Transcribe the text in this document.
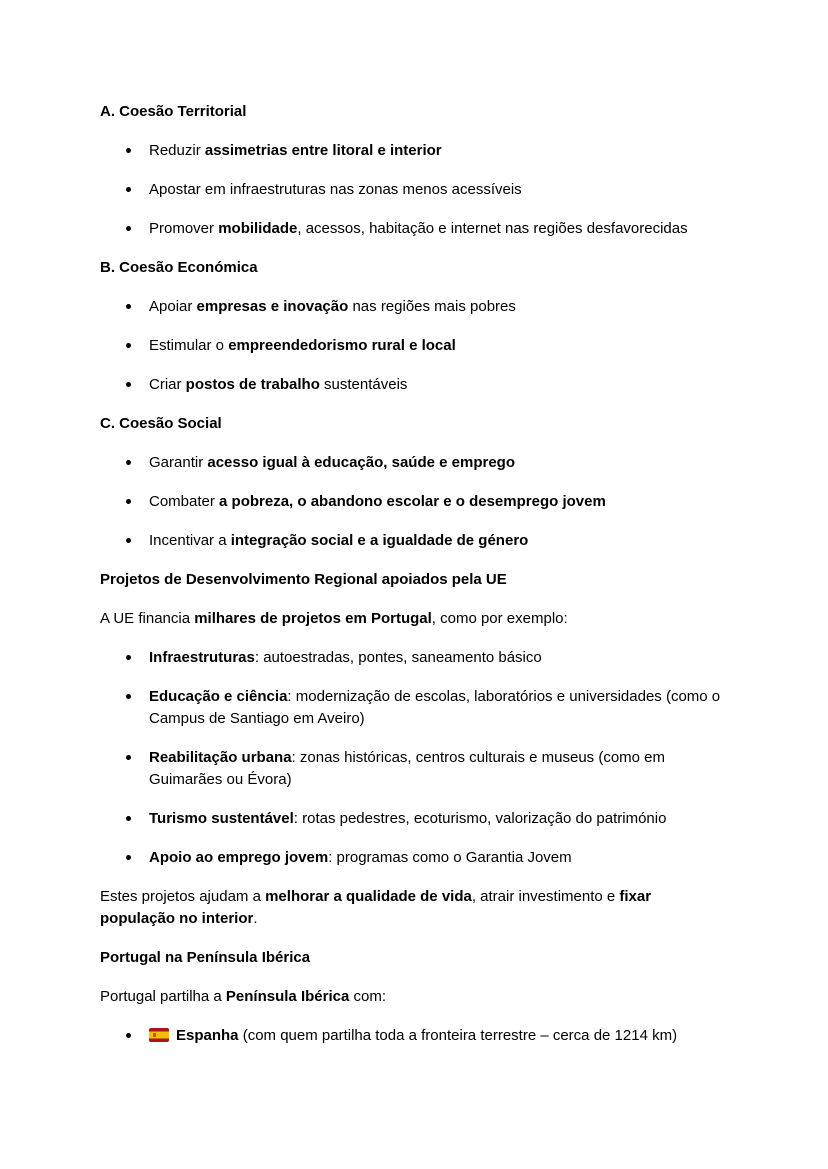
A. Coesão Territorial

Reduzir assimetrias entre litoral e interior
Apostar em infraestruturas nas zonas menos acessíveis
Promover mobilidade, acessos, habitação e internet nas regiões desfavorecidas

B. Coesão Económica

Apoiar empresas e inovação nas regiões mais pobres
Estimular o empreendedorismo rural e local
Criar postos de trabalho sustentáveis

C. Coesão Social

Garantir acesso igual à educação, saúde e emprego
Combater a pobreza, o abandono escolar e o desemprego jovem
Incentivar a integração social e a igualdade de género

Projetos de Desenvolvimento Regional apoiados pela UE

A UE financia milhares de projetos em Portugal, como por exemplo:

Infraestruturas: autoestradas, pontes, saneamento básico
Educação e ciência: modernização de escolas, laboratórios e universidades (como o Campus de Santiago em Aveiro)
Reabilitação urbana: zonas históricas, centros culturais e museus (como em Guimarães ou Évora)
Turismo sustentável: rotas pedestres, ecoturismo, valorização do património
Apoio ao emprego jovem: programas como o Garantia Jovem

Estes projetos ajudam a melhorar a qualidade de vida, atrair investimento e fixar população no interior.

Portugal na Península Ibérica

Portugal partilha a Península Ibérica com:

Espanha (com quem partilha toda a fronteira terrestre – cerca de 1214 km)
